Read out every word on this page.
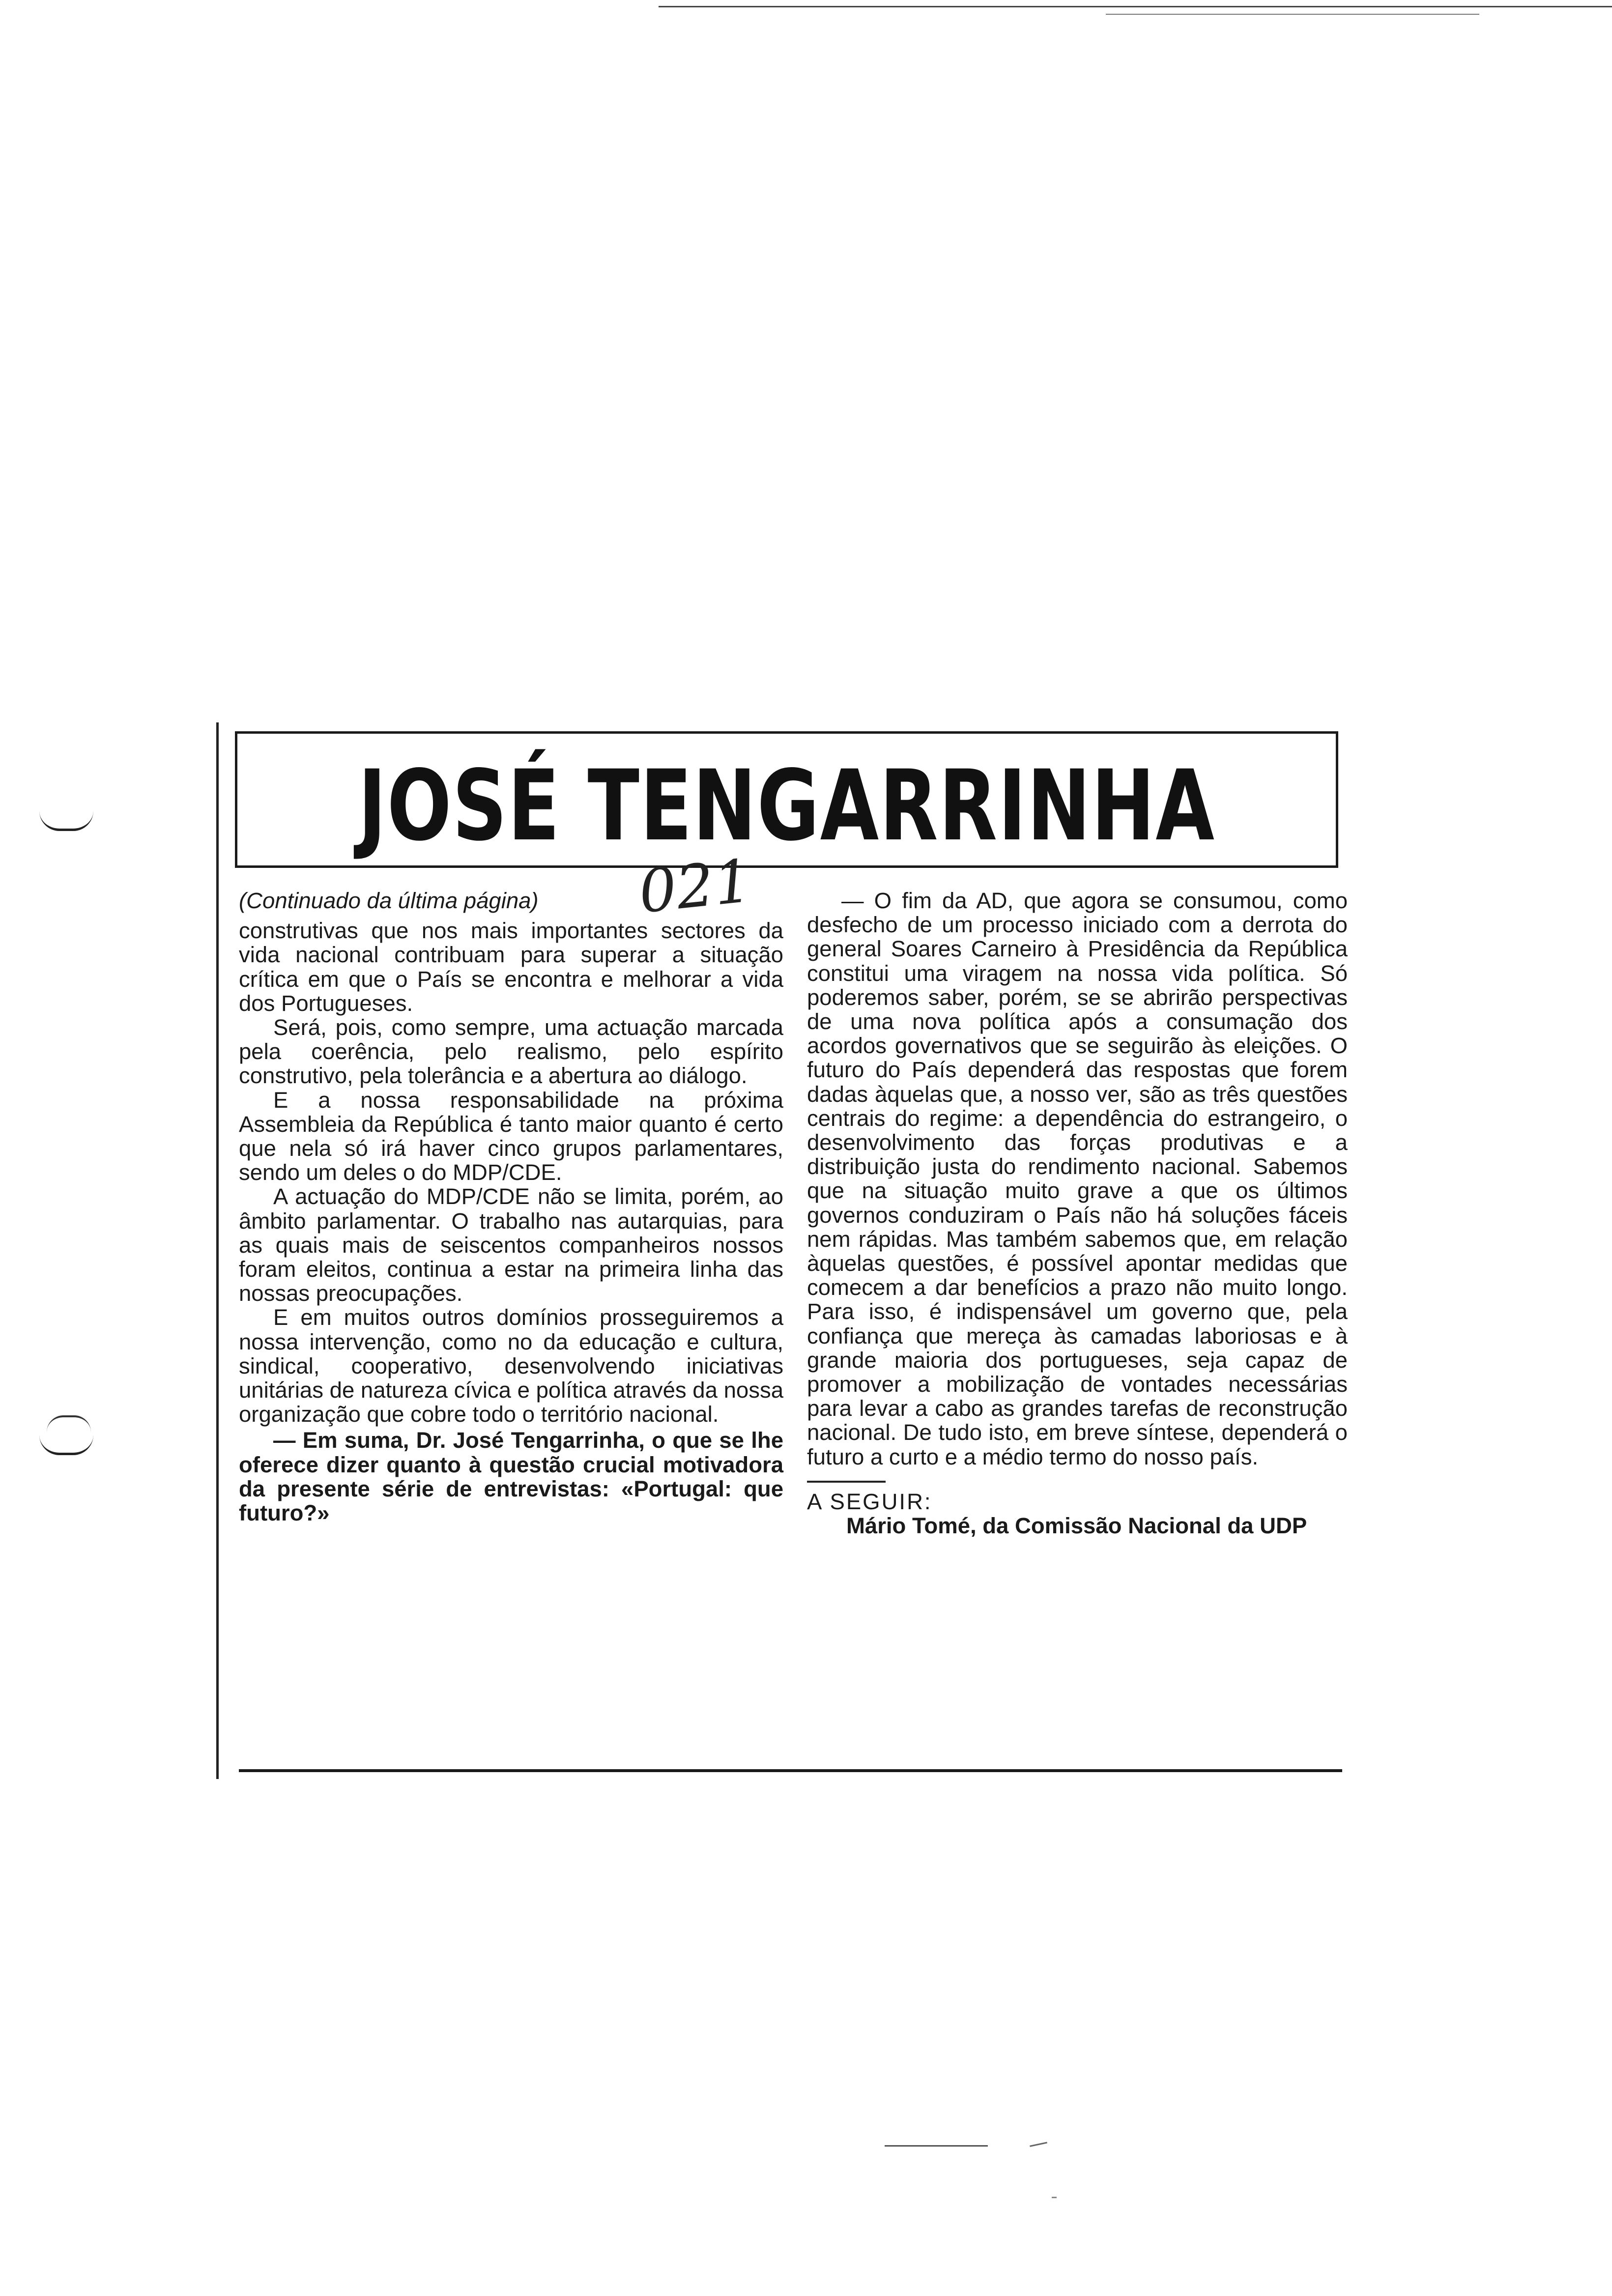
JOSÉ TENGARRINHA
021

(Continuado da última página)

construtivas que nos mais importantes sectores da vida nacional contribuam para superar a situação crítica em que o País se encontra e melhorar a vida dos Portugueses.

Será, pois, como sempre, uma actuação marcada pela coerência, pelo realismo, pelo espírito construtivo, pela tolerância e a abertura ao diálogo.

E a nossa responsabilidade na próxima Assembleia da República é tanto maior quanto é certo que nela só irá haver cinco grupos parlamentares, sendo um deles o do MDP/CDE.

A actuação do MDP/CDE não se limita, porém, ao âmbito parlamentar. O trabalho nas autarquias, para as quais mais de seiscentos companheiros nossos foram eleitos, continua a estar na primeira linha das nossas preocupações.

E em muitos outros domínios prosseguiremos a nossa intervenção, como no da educação e cultura, sindical, cooperativo, desenvolvendo iniciativas unitárias de natureza cívica e política através da nossa organização que cobre todo o território nacional.

— Em suma, Dr. José Tengarrinha, o que se lhe oferece dizer quanto à questão crucial motivadora da presente série de entrevistas: «Portugal: que futuro?»

— O fim da AD, que agora se consumou, como desfecho de um processo iniciado com a derrota do general Soares Carneiro à Presidência da República constitui uma viragem na nossa vida política. Só poderemos saber, porém, se se abrirão perspectivas de uma nova política após a consumação dos acordos governativos que se seguirão às eleições. O futuro do País dependerá das respostas que forem dadas àquelas que, a nosso ver, são as três questões centrais do regime: a dependência do estrangeiro, o desenvolvimento das forças produtivas e a distribuição justa do rendimento nacional. Sabemos que na situação muito grave a que os últimos governos conduziram o País não há soluções fáceis nem rápidas. Mas também sabemos que, em relação àquelas questões, é possível apontar medidas que comecem a dar benefícios a prazo não muito longo. Para isso, é indispensável um governo que, pela confiança que mereça às camadas laboriosas e à grande maioria dos portugueses, seja capaz de promover a mobilização de vontades necessárias para levar a cabo as grandes tarefas de reconstrução nacional. De tudo isto, em breve síntese, dependerá o futuro a curto e a médio termo do nosso país.

A SEGUIR:

Mário Tomé, da Comissão Nacional da UDP
